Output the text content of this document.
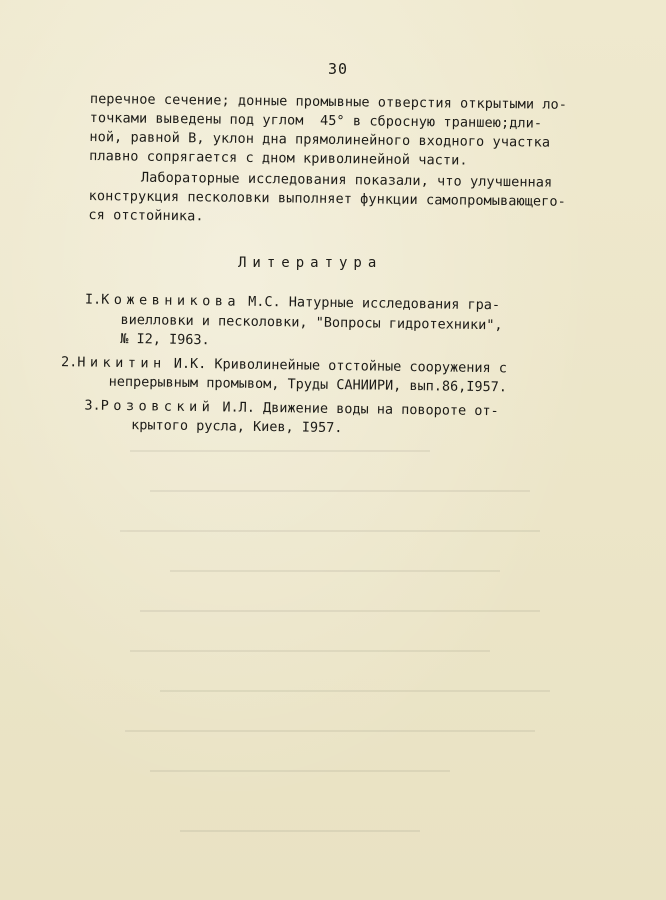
30
перечное сечение; донные промывные отверстия открытыми ло-
точками выведены под углом  45° в сбросную траншею;дли-
ной, равной B, уклон дна прямолинейного входного участка
плавно сопрягается с дном криволинейной части.
Лабораторные исследования показали, что улучшенная
конструкция песколовки выполняет функции самопромывающего-
ся отстойника.
Литература
I.Кожевникова М.С. Натурные исследования гра-
виелловки и песколовки, "Вопросы гидротехники",
№ I2, I963.
2.Никитин И.К. Криволинейные отстойные сооружения с
непрерывным промывом, Труды САНИИРИ, вып.86,I957.
3.Розовский И.Л. Движение воды на повороте от-
крытого русла, Киев, I957.
